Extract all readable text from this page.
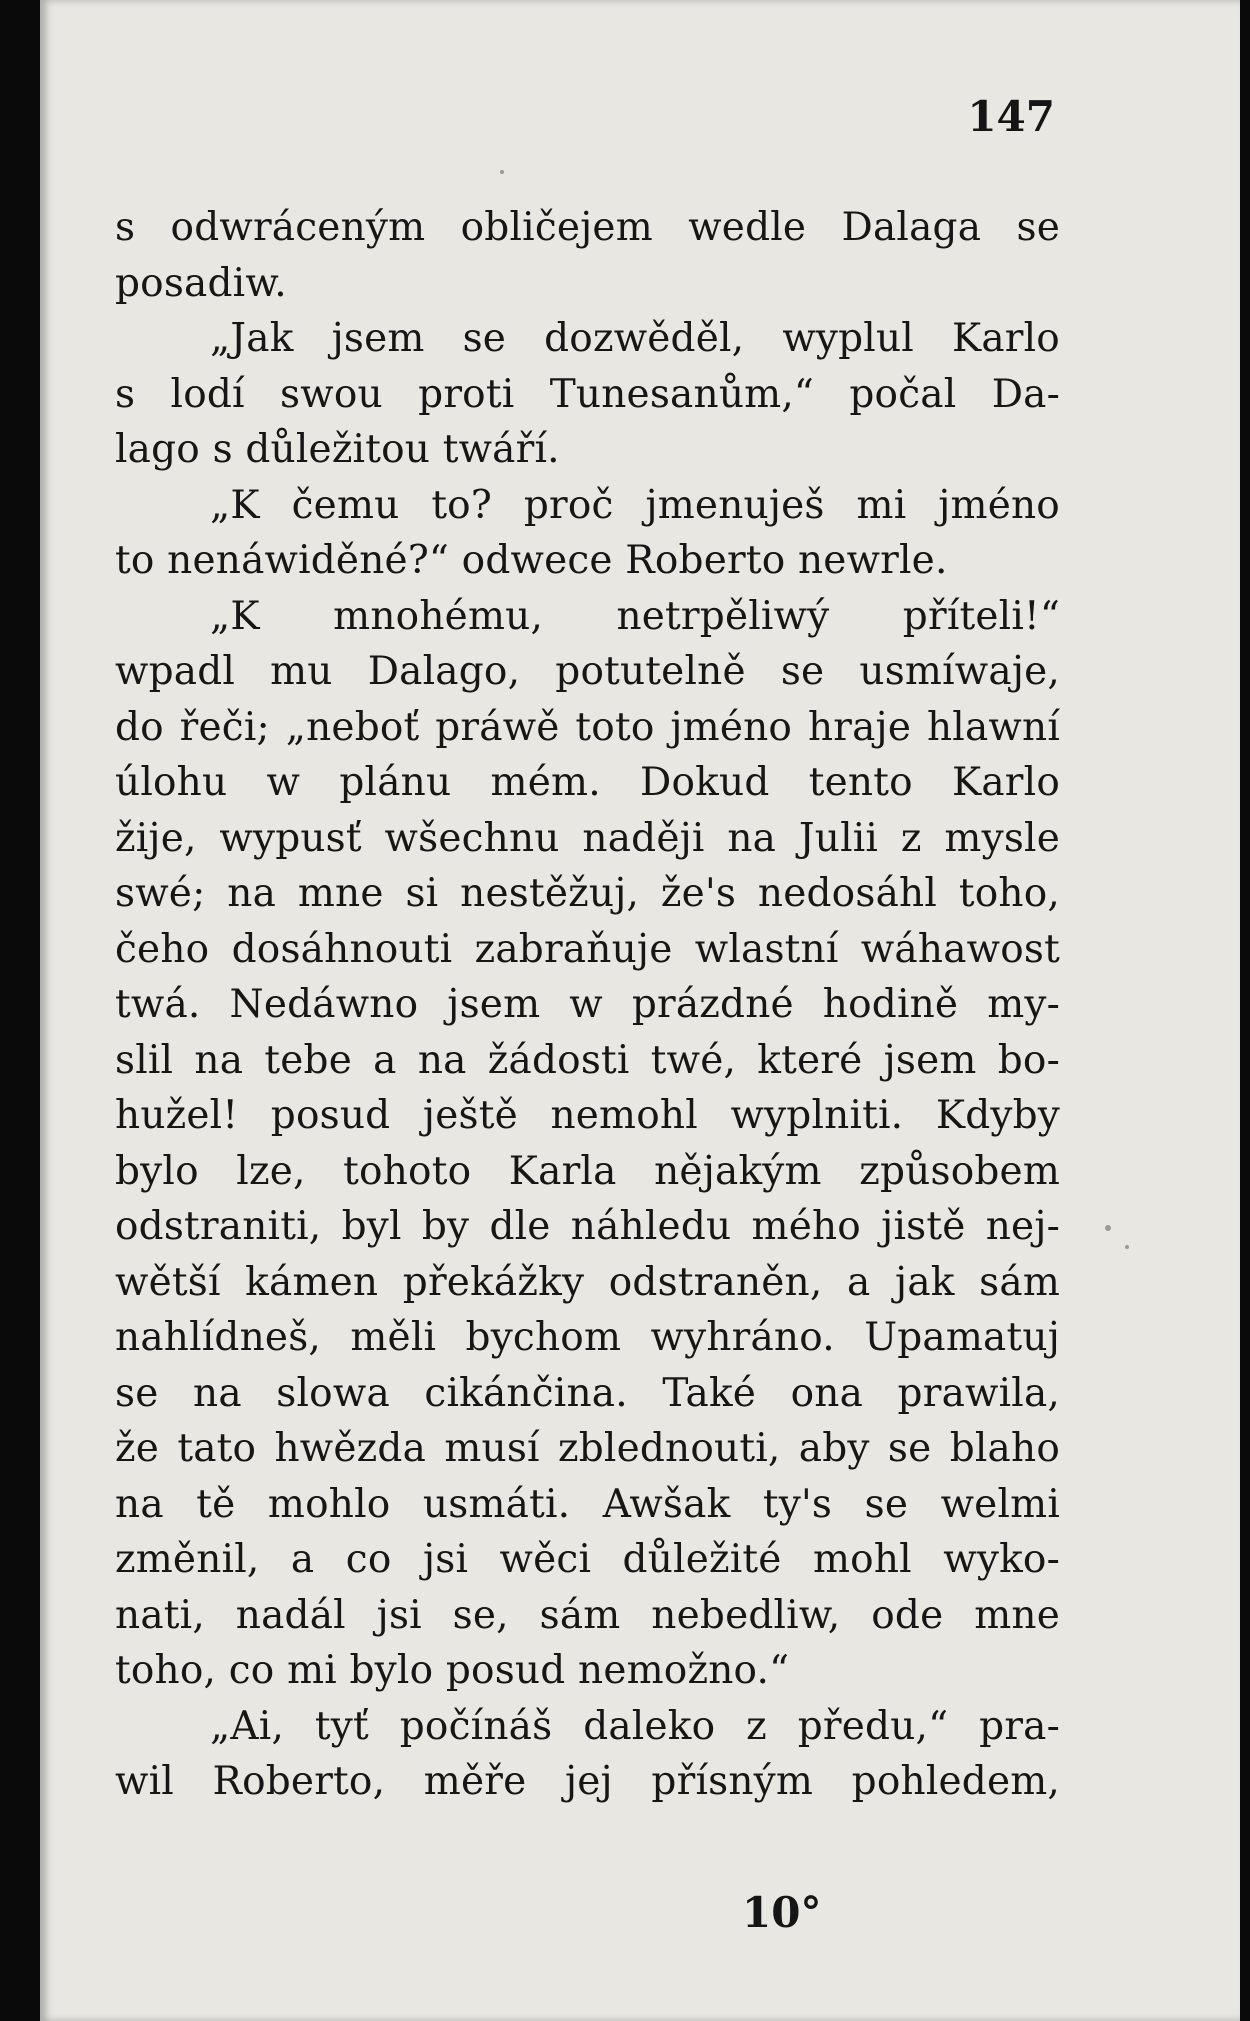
147
s odwráceným obličejem wedle Dalaga se
posadiw.
„Jak jsem se dozwěděl, wyplul Karlo
s lodí swou proti Tunesanům,“ počal Da-
lago s důležitou twáří.
„K čemu to? proč jmenuješ mi jméno
to nenáwiděné?“ odwece Roberto newrle.
„K mnohému, netrpěliwý příteli!“
wpadl mu Dalago, potutelně se usmíwaje,
do řeči; „neboť práwě toto jméno hraje hlawní
úlohu w plánu mém. Dokud tento Karlo
žije, wypusť wšechnu naději na Julii z mysle
swé; na mne si nestěžuj, že's nedosáhl toho,
čeho dosáhnouti zabraňuje wlastní wáhawost
twá. Nedáwno jsem w prázdné hodině my-
slil na tebe a na žádosti twé, které jsem bo-
hužel! posud ještě nemohl wyplniti. Kdyby
bylo lze, tohoto Karla nějakým způsobem
odstraniti, byl by dle náhledu mého jistě nej-
wětší kámen překážky odstraněn, a jak sám
nahlídneš, měli bychom wyhráno. Upamatuj
se na slowa cikánčina. Také ona prawila,
že tato hwězda musí zblednouti, aby se blaho
na tě mohlo usmáti. Awšak ty's se welmi
změnil, a co jsi wěci důležité mohl wyko-
nati, nadál jsi se, sám nebedliw, ode mne
toho, co mi bylo posud nemožno.“
„Ai, tyť počínáš daleko z předu,“ pra-
wil Roberto, měře jej přísným pohledem,
10°
